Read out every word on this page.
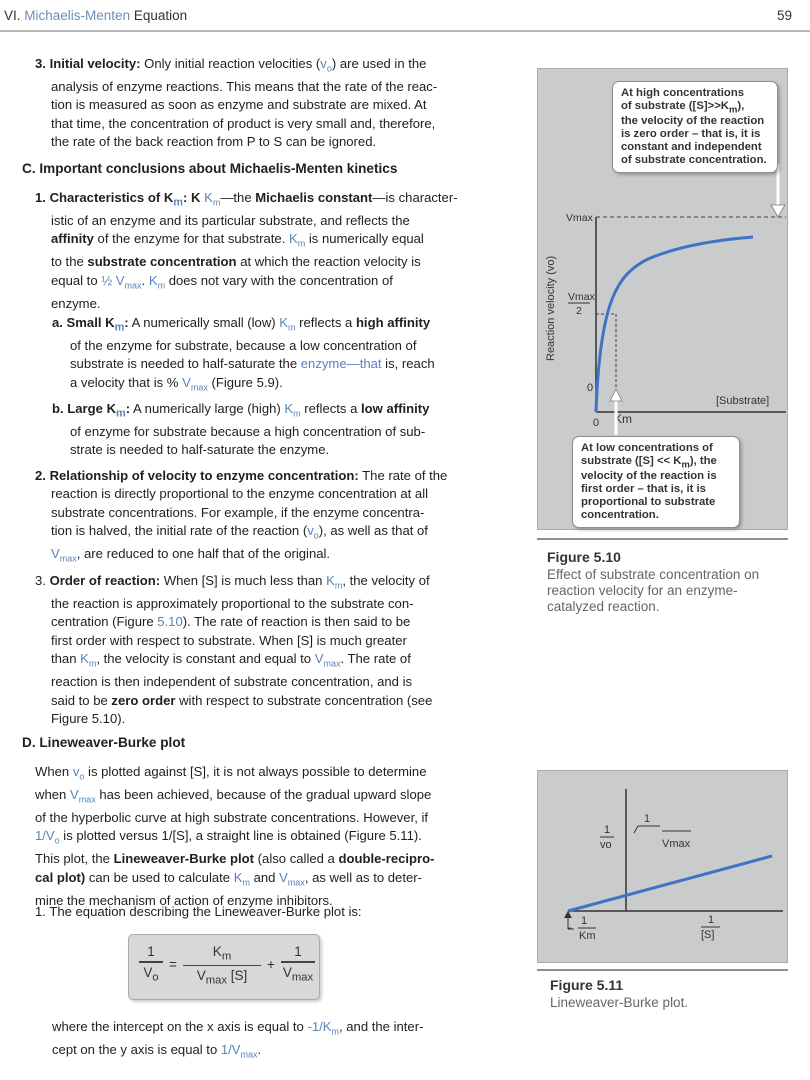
VI. Michaelis-Menten Equation	59
3. Initial velocity: Only initial reaction velocities $(v_o)$ are used in the
analysis of enzyme reactions. This means that the rate of the reac-
tion is measured as soon as enzyme and substrate are mixed. At
that time, the concentration of product is very small and, therefore,
the rate of the back reaction from P to S can be ignored.
C. Important conclusions about Michaelis-Menten kinetics
1. Characteristics of $K_m$: K $K_m—the$ Michaelis constant—is character-
istic of an enzyme and its particular substrate, and reflects the
affinity of the enzyme for that substrate. $K_m$ is numerically equal
to the substrate concentration at which the reaction velocity is
equal to ½ $V_{max}$. $K_m$ does not vary with the concentration of
enzyme.
a. Small $K_m$: A numerically small (low) $K_m$ reflects a high affinity
of the enzyme for substrate, because a low concentration of
substrate is needed to half-saturate the enzyme—that is, reach
a velocity that is % $V_{max}$ (Figure 5.9).
b. Large $K_m$: A numerically large (high) $K_m$ reflects a low affinity
of enzyme for substrate because a high concentration of sub-
strate is needed to half-saturate the enzyme.
2. Relationship of velocity to enzyme concentration: The rate of the
reaction is directly proportional to the enzyme concentration at all
substrate concentrations. For example, if the enzyme concentra-
tion is halved, the initial rate of the reaction $(v_o)$, as well as that of
$V_{max}$, are reduced to one half that of the original.
3. Order of reaction: When [S] is much less than $K_m$, the velocity of
the reaction is approximately proportional to the substrate con-
centration (Figure 5.10). The rate of reaction is then said to be
first order with respect to substrate. When [S] is much greater
than $K_m$, the velocity is constant and equal to $V_{max}$. The rate of
reaction is then independent of substrate concentration, and is
said to be zero order with respect to substrate concentration (see
Figure 5.10).
D. Lineweaver-Burke plot
When $v_o$ is plotted against [S], it is not always possible to determine
when $V_{max}$ has been achieved, because of the gradual upward slope
of the hyperbolic curve at high substrate concentrations. However, if
$1/V_o$ is plotted versus 1/[S], a straight line is obtained (Figure 5.11).
This plot, the Lineweaver-Burke plot (also called a double-recipro-
cal plot) can be used to calculate $K_m$ and $V_{max}$, as well as to deter-
mine the mechanism of action of enzyme inhibitors.
1. The equation describing the Lineweaver-Burke plot is:
1
$V_o$
=
$K_m$
$V_{max}$ [S]
+
1
$V_{max}$
where the intercept on the x axis is equal to $-1/K_m$, and the inter-
cept on the y axis is equal to $1/V_{max}$.
Vmax
Vmax
2
0
0 Km
[Substrate]
Reaction velocity (vo)
At high concentrations
of substrate $([S]>>K_m)$,
the velocity of the reaction
is zero order – that is, it is
constant and independent
of substrate concentration.
At low concentrations of
substrate $([S] << K_m)$, the
velocity of the reaction is
first order – that is, it is
proportional to substrate
concentration.
Figure 5.10
Effect of substrate concentration on
reaction velocity for an enzyme-
catalyzed reaction.
1
vo
1
Vmax
-
1
Km
1
[S]
Figure 5.11
Lineweaver-Burke plot.
